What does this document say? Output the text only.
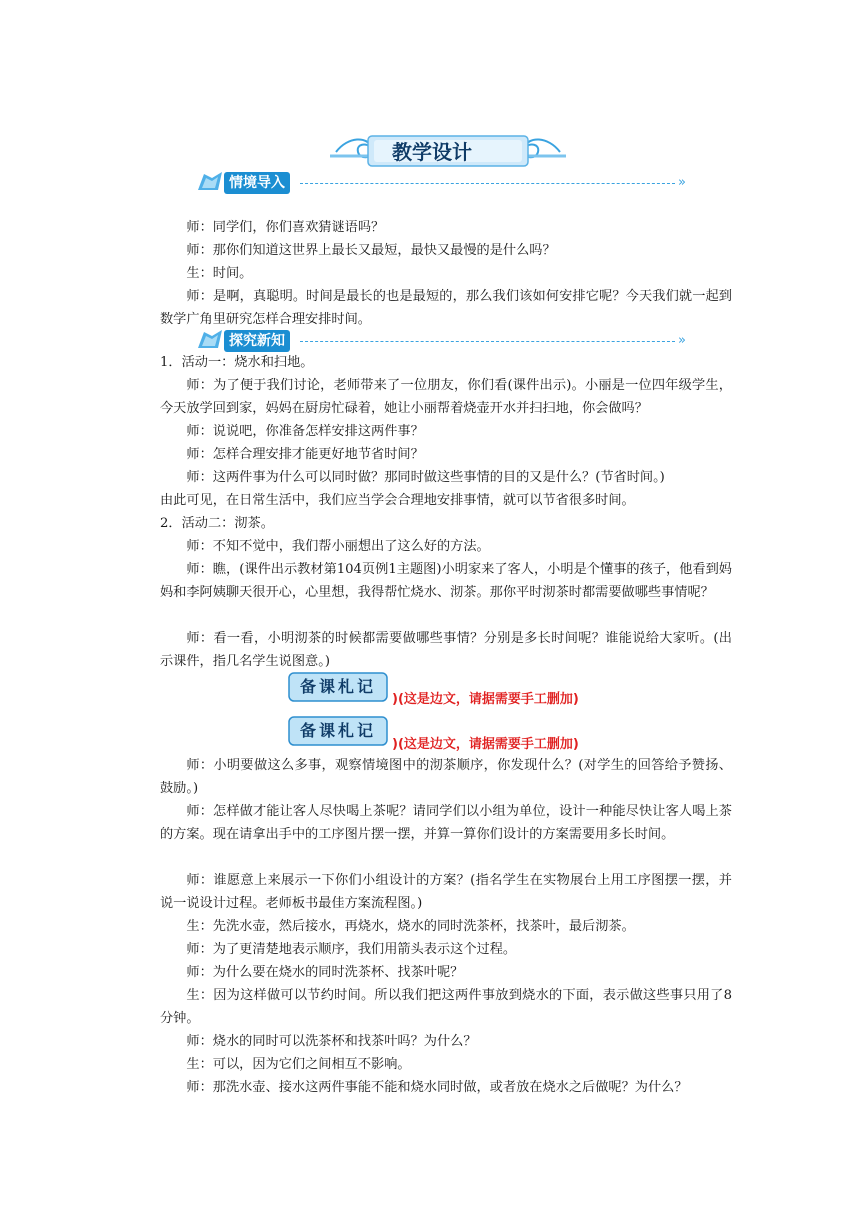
教学设计
情境导入	»
师：同学们，你们喜欢猜谜语吗？
师：那你们知道这世界上最长又最短，最快又最慢的是什么吗？
生：时间。
师：是啊，真聪明。时间是最长的也是最短的，那么我们该如何安排它呢？今天我们就一起到数学广角里研究怎样合理安排时间。
探究新知	»
1．活动一：烧水和扫地。
师：为了便于我们讨论，老师带来了一位朋友，你们看(课件出示)。小丽是一位四年级学生，今天放学回到家，妈妈在厨房忙碌着，她让小丽帮着烧壶开水并扫扫地，你会做吗？
师：说说吧，你准备怎样安排这两件事？
师：怎样合理安排才能更好地节省时间？
师：这两件事为什么可以同时做？那同时做这些事情的目的又是什么？(节省时间。)
由此可见，在日常生活中，我们应当学会合理地安排事情，就可以节省很多时间。
2．活动二：沏茶。
师：不知不觉中，我们帮小丽想出了这么好的方法。
师：瞧，(课件出示教材第104页例1主题图)小明家来了客人，小明是个懂事的孩子，他看到妈妈和李阿姨聊天很开心，心里想，我得帮忙烧水、沏茶。那你平时沏茶时都需要做哪些事情呢？
师：看一看，小明沏茶的时候都需要做哪些事情？分别是多长时间呢？谁能说给大家听。(出示课件，指几名学生说图意。)
备课札记
)(这是边文，请据需要手工删加)
备课札记
)(这是边文，请据需要手工删加)
师：小明要做这么多事，观察情境图中的沏茶顺序，你发现什么？(对学生的回答给予赞扬、鼓励。)
师：怎样做才能让客人尽快喝上茶呢？请同学们以小组为单位，设计一种能尽快让客人喝上茶的方案。现在请拿出手中的工序图片摆一摆，并算一算你们设计的方案需要用多长时间。
师：谁愿意上来展示一下你们小组设计的方案？(指名学生在实物展台上用工序图摆一摆，并说一说设计过程。老师板书最佳方案流程图。)
生：先洗水壶，然后接水，再烧水，烧水的同时洗茶杯，找茶叶，最后沏茶。
师：为了更清楚地表示顺序，我们用箭头表示这个过程。
师：为什么要在烧水的同时洗茶杯、找茶叶呢？
生：因为这样做可以节约时间。所以我们把这两件事放到烧水的下面，表示做这些事只用了8分钟。
师：烧水的同时可以洗茶杯和找茶叶吗？为什么？
生：可以，因为它们之间相互不影响。
师：那洗水壶、接水这两件事能不能和烧水同时做，或者放在烧水之后做呢？为什么？
